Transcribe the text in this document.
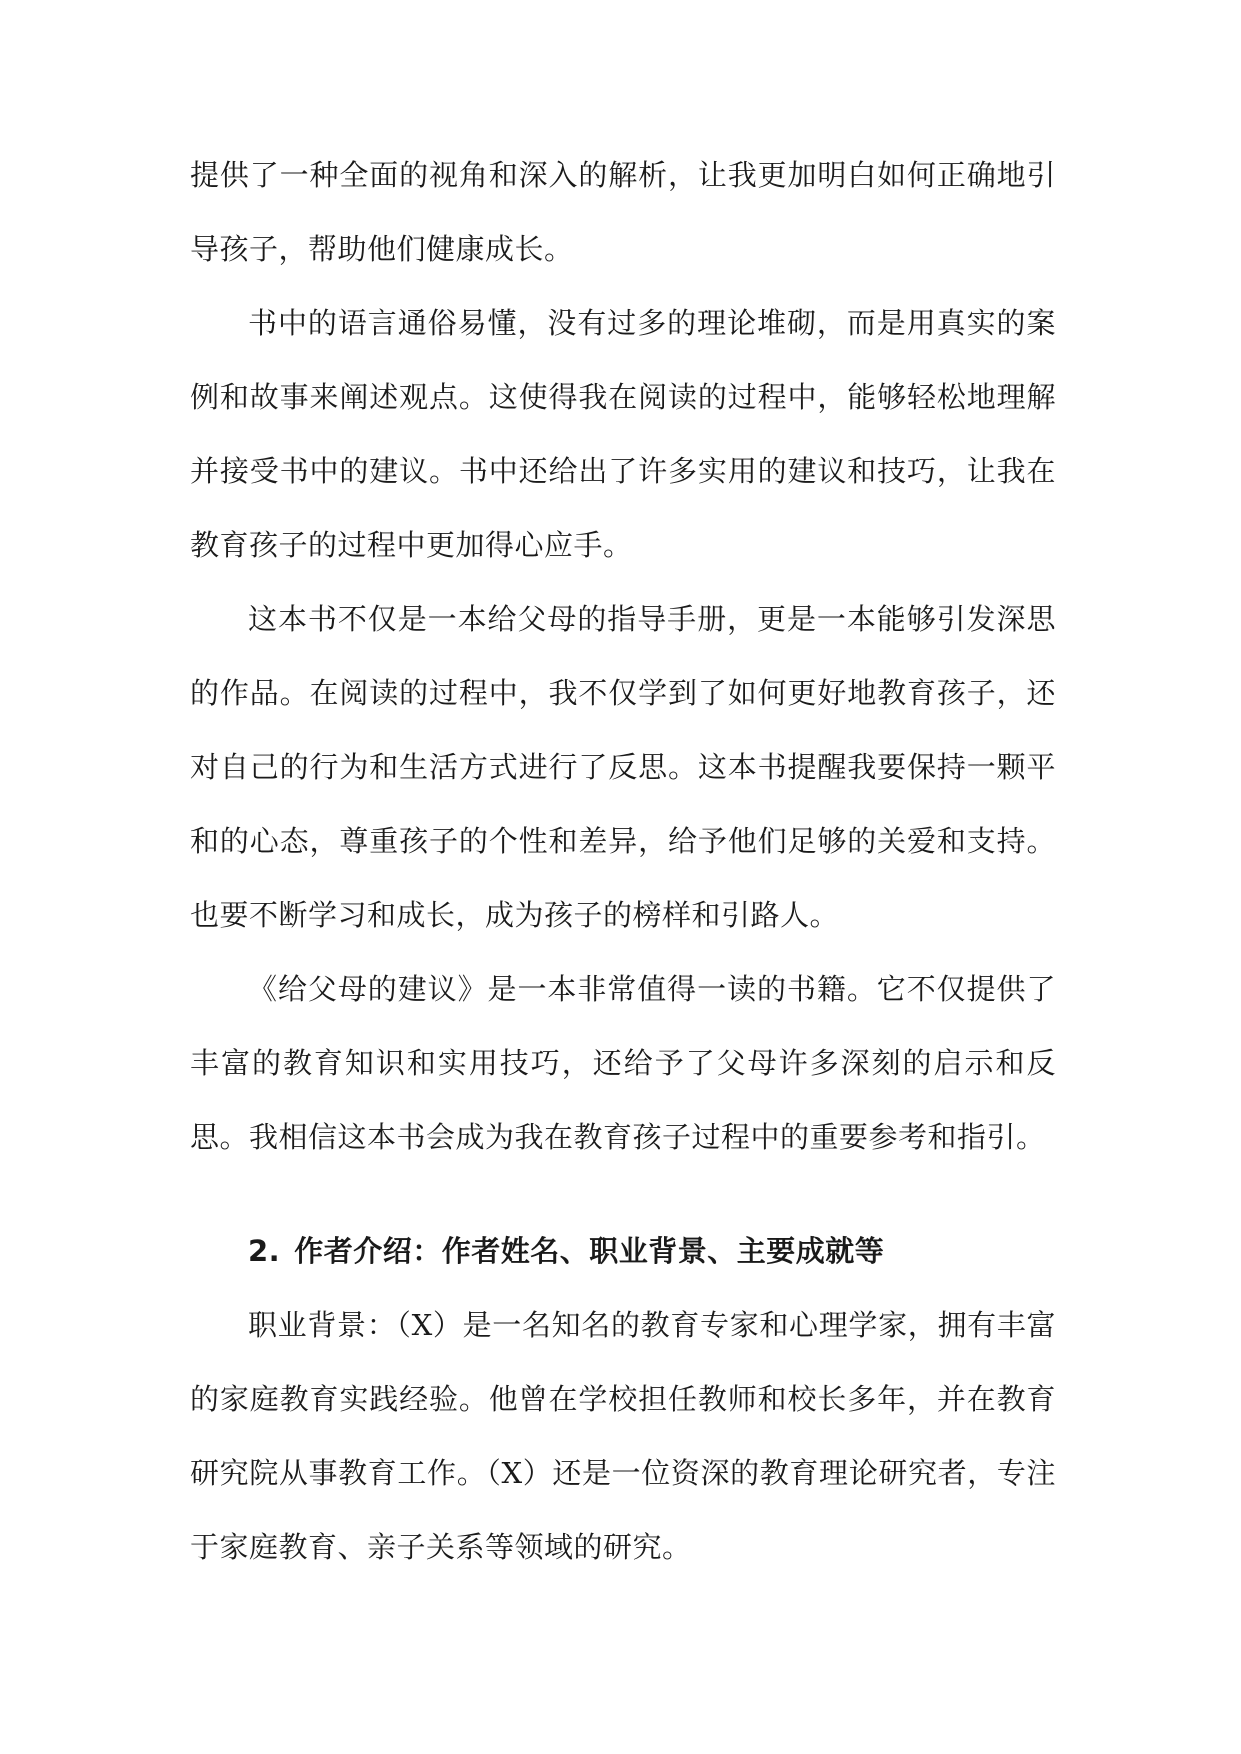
提供了一种全面的视角和深入的解析，让我更加明白如何正确地引导孩子，帮助他们健康成长。

书中的语言通俗易懂，没有过多的理论堆砌，而是用真实的案例和故事来阐述观点。这使得我在阅读的过程中，能够轻松地理解并接受书中的建议。书中还给出了许多实用的建议和技巧，让我在教育孩子的过程中更加得心应手。

这本书不仅是一本给父母的指导手册，更是一本能够引发深思的作品。在阅读的过程中，我不仅学到了如何更好地教育孩子，还对自己的行为和生活方式进行了反思。这本书提醒我要保持一颗平和的心态，尊重孩子的个性和差异，给予他们足够的关爱和支持。也要不断学习和成长，成为孩子的榜样和引路人。

《给父母的建议》是一本非常值得一读的书籍。它不仅提供了丰富的教育知识和实用技巧，还给予了父母许多深刻的启示和反思。我相信这本书会成为我在教育孩子过程中的重要参考和指引。

2. 作者介绍：作者姓名、职业背景、主要成就等

职业背景：（X）是一名知名的教育专家和心理学家，拥有丰富的家庭教育实践经验。他曾在学校担任教师和校长多年，并在教育研究院从事教育工作。（X）还是一位资深的教育理论研究者，专注于家庭教育、亲子关系等领域的研究。
